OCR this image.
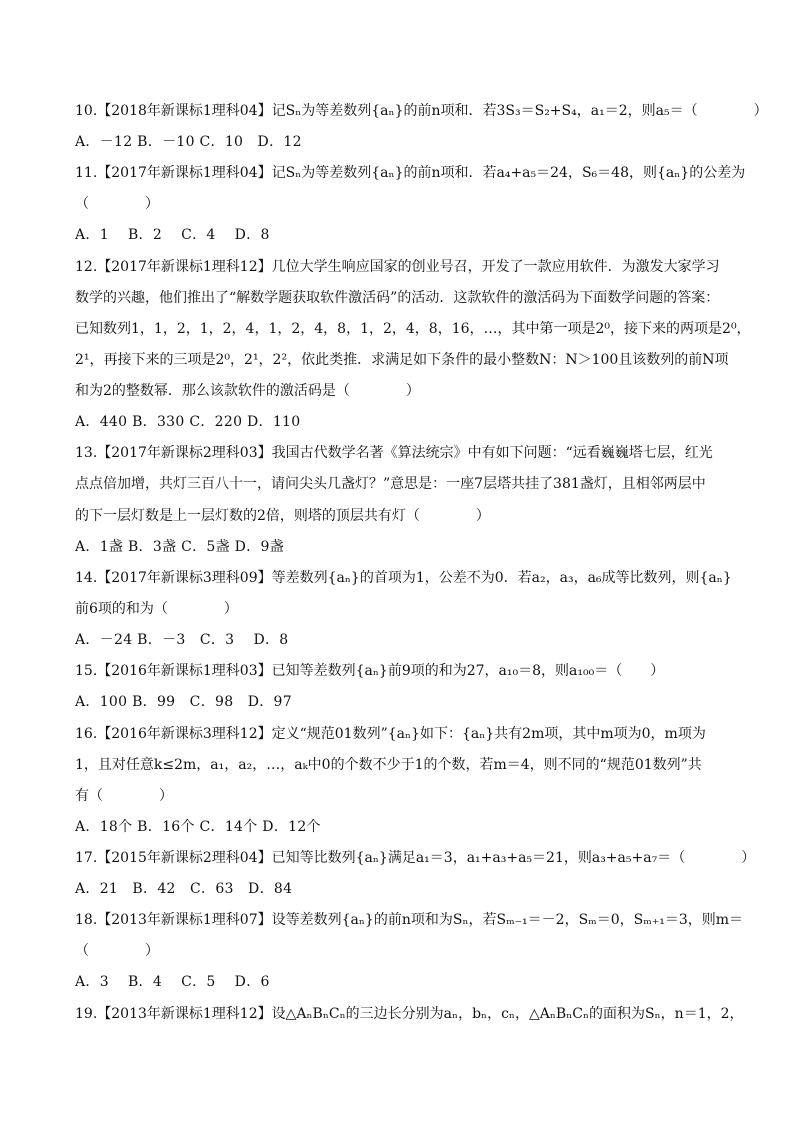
10.【2018年新课标1理科04】记Sₙ为等差数列{aₙ}的前n项和．若3S₃＝S₂+S₄，a₁＝2，则a₅＝（　　　　）
A．－12 B．－10 C．10　D．12
11.【2017年新课标1理科04】记Sₙ为等差数列{aₙ}的前n项和．若a₄+a₅＝24，S₆＝48，则{aₙ}的公差为
（　　　　）
A．1　 B．2　 C．4　 D．8
12.【2017年新课标1理科12】几位大学生响应国家的创业号召，开发了一款应用软件．为激发大家学习
数学的兴趣，他们推出了“解数学题获取软件激活码”的活动．这款软件的激活码为下面数学问题的答案：
已知数列1，1，2，1，2，4，1，2，4，8，1，2，4，8，16，…，其中第一项是2⁰，接下来的两项是2⁰，
2¹，再接下来的三项是2⁰，2¹，2²，依此类推．求满足如下条件的最小整数N：N＞100且该数列的前N项
和为2的整数幂．那么该款软件的激活码是（　　　　）
A．440 B．330 C．220 D．110
13.【2017年新课标2理科03】我国古代数学名著《算法统宗》中有如下问题：“远看巍巍塔七层，红光
点点倍加增，共灯三百八十一，请问尖头几盏灯？”意思是：一座7层塔共挂了381盏灯，且相邻两层中
的下一层灯数是上一层灯数的2倍，则塔的顶层共有灯（　　　　）
A．1盏 B．3盏 C．5盏 D．9盏
14.【2017年新课标3理科09】等差数列{aₙ}的首项为1，公差不为0．若a₂，a₃，a₆成等比数列，则{aₙ}
前6项的和为（　　　　）
A．－24 B．－3　C．3　 D．8
15.【2016年新课标1理科03】已知等差数列{aₙ}前9项的和为27，a₁₀＝8，则a₁₀₀＝（　　）
A．100 B．99　C．98　D．97
16.【2016年新课标3理科12】定义“规范01数列”{aₙ}如下：{aₙ}共有2m项，其中m项为0，m项为
1，且对任意k≤2m，a₁，a₂，…，aₖ中0的个数不少于1的个数，若m＝4，则不同的“规范01数列”共
有（　　　　）
A．18个 B．16个 C．14个 D．12个
17.【2015年新课标2理科04】已知等比数列{aₙ}满足a₁＝3，a₁+a₃+a₅＝21，则a₃+a₅+a₇＝（　　　　）
A．21　B．42　C．63　D．84
18.【2013年新课标1理科07】设等差数列{aₙ}的前n项和为Sₙ，若Sₘ₋₁＝－2，Sₘ＝0，Sₘ₊₁＝3，则m＝
（　　　　）
A．3　 B．4　 C．5　 D．6
19.【2013年新课标1理科12】设△AₙBₙCₙ的三边长分别为aₙ，bₙ，cₙ，△AₙBₙCₙ的面积为Sₙ，n＝1，2，
